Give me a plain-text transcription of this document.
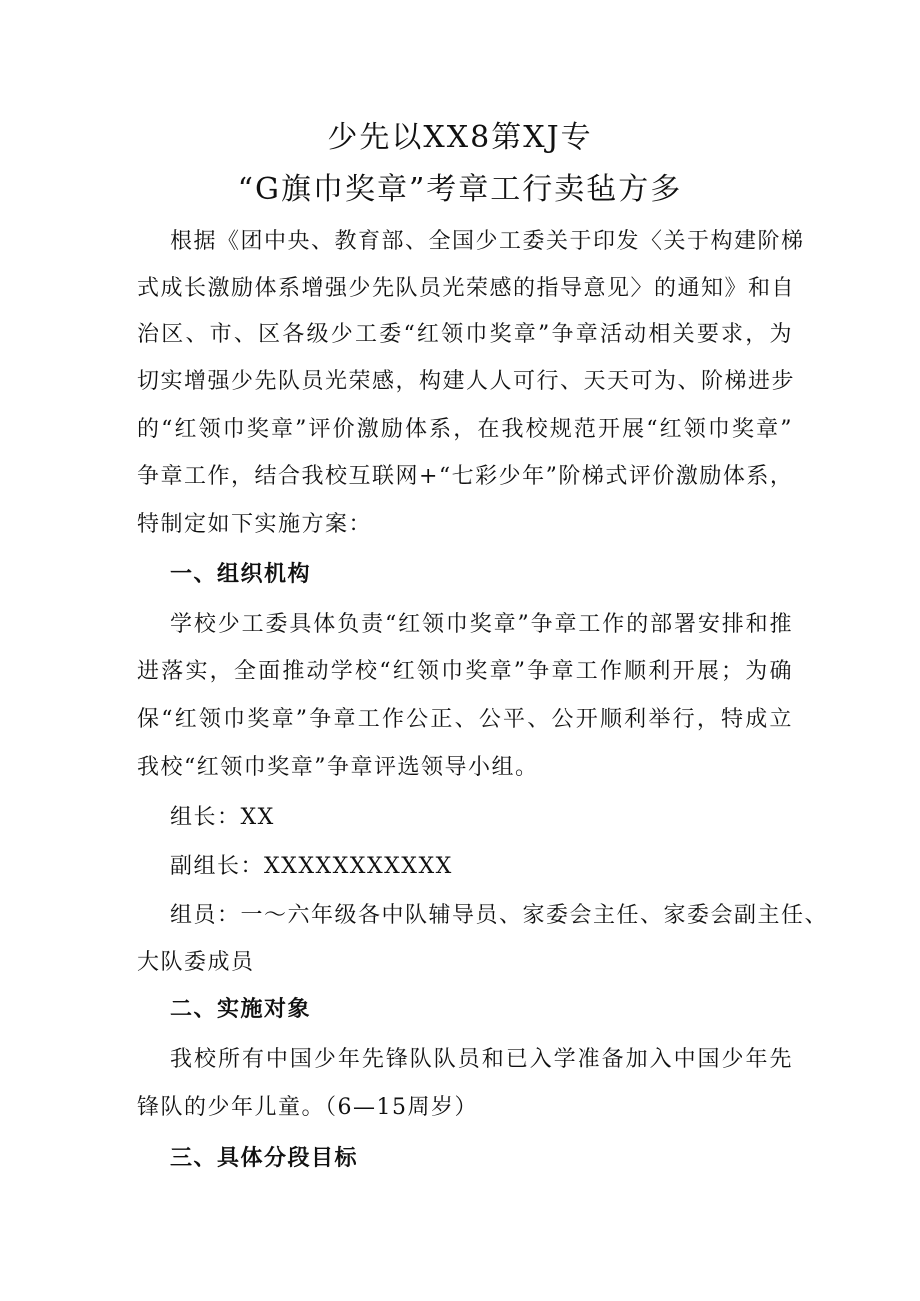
少先以XX8第XJ专
“G旗巾奖章”考章工行卖毡方多
根据《团中央、教育部、全国少工委关于印发〈关于构建阶梯
式成长激励体系增强少先队员光荣感的指导意见〉的通知》和自
治区、市、区各级少工委“红领巾奖章”争章活动相关要求，为
切实增强少先队员光荣感，构建人人可行、天天可为、阶梯进步
的“红领巾奖章”评价激励体系，在我校规范开展“红领巾奖章”
争章工作，结合我校互联网+“七彩少年”阶梯式评价激励体系，
特制定如下实施方案：
一、组织机构
学校少工委具体负责“红领巾奖章”争章工作的部署安排和推
进落实，全面推动学校“红领巾奖章”争章工作顺利开展；为确
保“红领巾奖章”争章工作公正、公平、公开顺利举行，特成立
我校“红领巾奖章”争章评选领导小组。
组长：XX
副组长：XXXXXXXXXXX
组员：一～六年级各中队辅导员、家委会主任、家委会副主任、
大队委成员
二、实施对象
我校所有中国少年先锋队队员和已入学准备加入中国少年先
锋队的少年儿童。（6—15周岁）
三、具体分段目标
